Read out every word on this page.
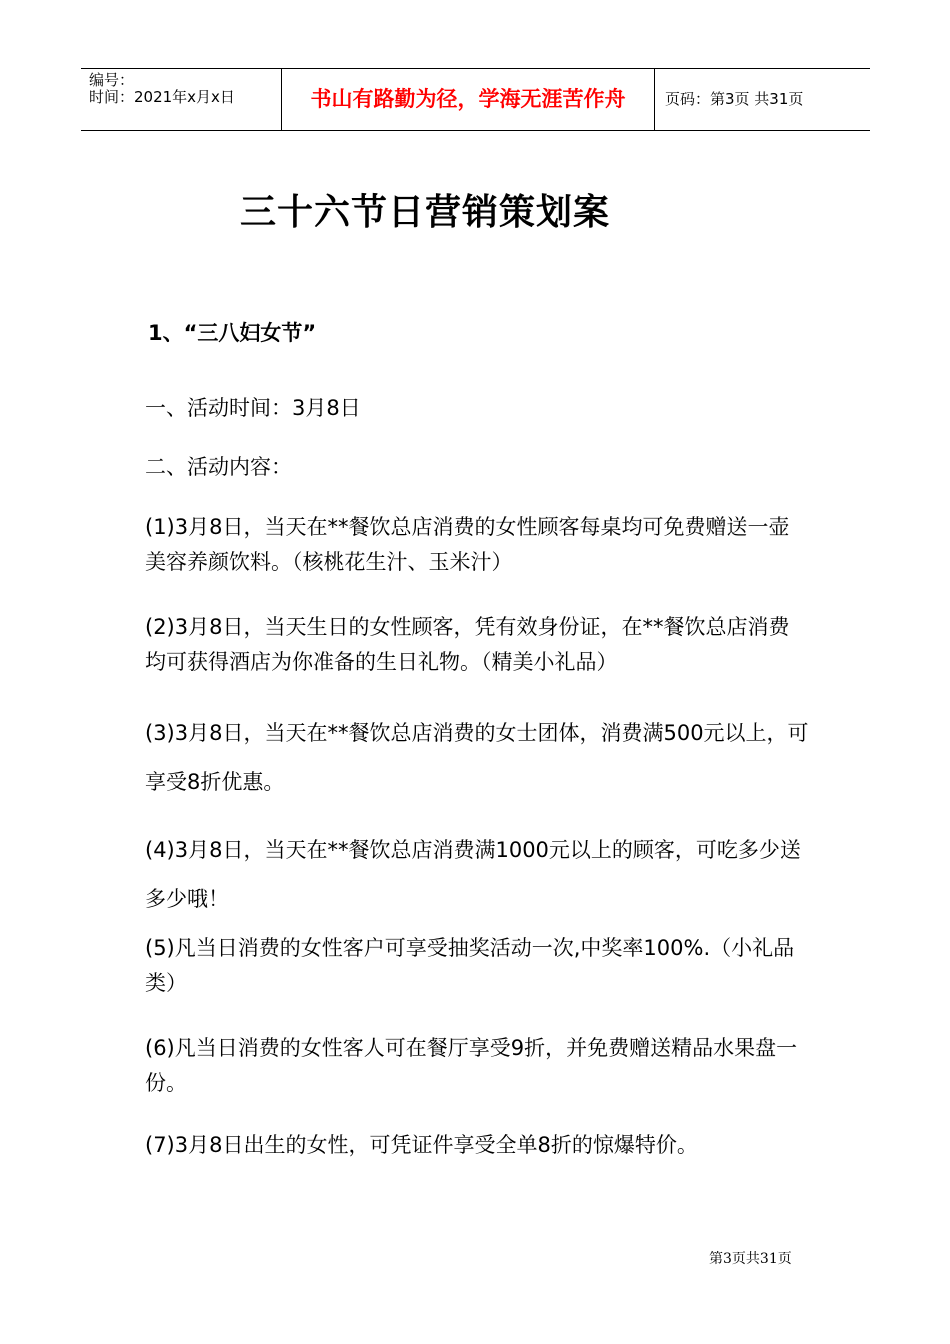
编号：
时间：2021年x月x日	书山有路勤为径，学海无涯苦作舟	页码：第3页 共31页
三十六节日营销策划案
1、“三八妇女节”
一、活动时间：3月8日
二、活动内容：
(1)3月8日，当天在**餐饮总店消费的女性顾客每桌均可免费赠送一壶美容养颜饮料。（核桃花生汁、玉米汁）
(2)3月8日，当天生日的女性顾客，凭有效身份证，在**餐饮总店消费均可获得酒店为你准备的生日礼物。（精美小礼品）
(3)3月8日，当天在**餐饮总店消费的女士团体，消费满500元以上，可享受8折优惠。
(4)3月8日，当天在**餐饮总店消费满1000元以上的顾客，可吃多少送多少哦！
(5)凡当日消费的女性客户可享受抽奖活动一次,中奖率100%.（小礼品类）
(6)凡当日消费的女性客人可在餐厅享受9折，并免费赠送精品水果盘一份。
(7)3月8日出生的女性，可凭证件享受全单8折的惊爆特价。
第3页共31页
